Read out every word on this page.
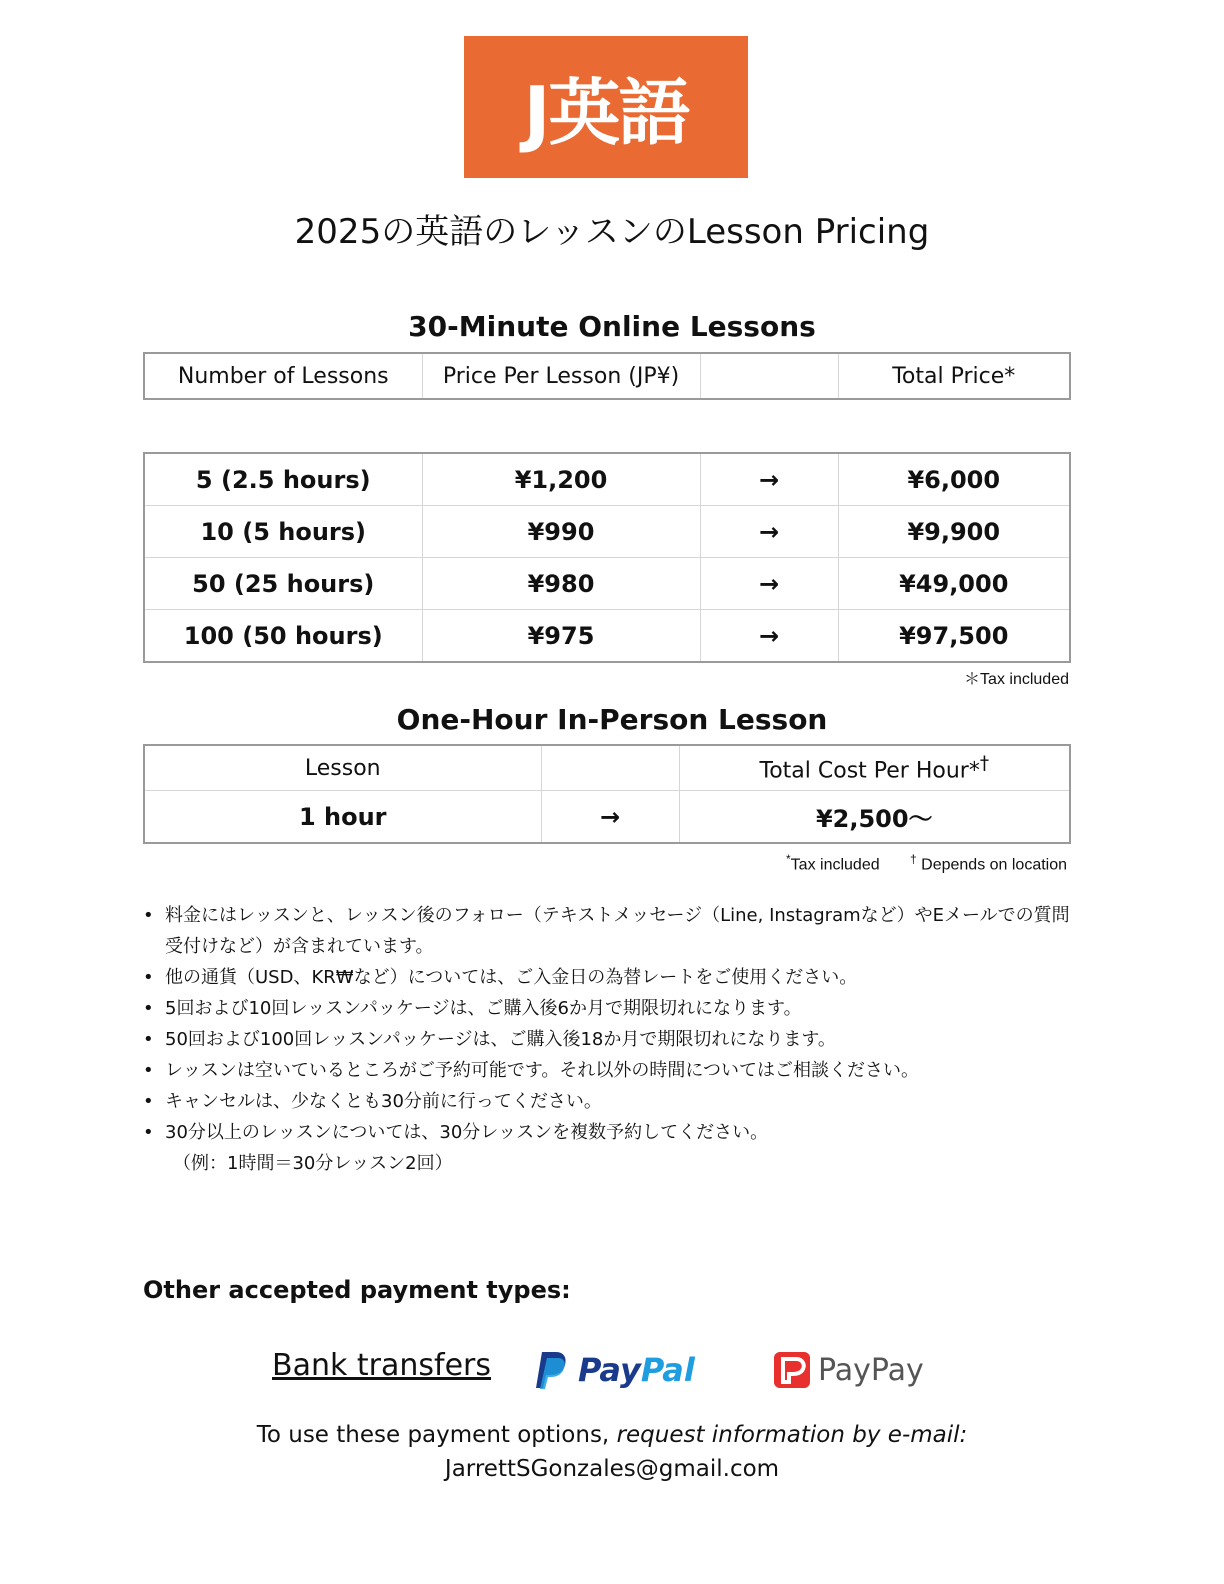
J英語
2025の英語のレッスンのLesson Pricing
30-Minute Online Lessons
Number of Lessons	Price Per Lesson (JP¥)		Total Price*
5 (2.5 hours)	¥1,200	→	¥6,000
10 (5 hours)	¥990	→	¥9,900
50 (25 hours)	¥980	→	¥49,000
100 (50 hours)	¥975	→	¥97,500
＊Tax included
One-Hour In-Person Lesson
Lesson		Total Cost Per Hour*†
1 hour	→	¥2,500〜
*Tax included	† Depends on location
• 料金にはレッスンと、レッスン後のフォロー（テキストメッセージ（Line, Instagramなど）やEメールでの質問受付けなど）が含まれています。
• 他の通貨（USD、KR₩など）については、ご入金日の為替レートをご使用ください。
• 5回および10回レッスンパッケージは、ご購入後6か月で期限切れになります。
• 50回および100回レッスンパッケージは、ご購入後18か月で期限切れになります。
• レッスンは空いているところがご予約可能です。それ以外の時間についてはご相談ください。
• キャンセルは、少なくとも30分前に行ってください。
• 30分以上のレッスンについては、30分レッスンを複数予約してください。
（例：1時間＝30分レッスン2回）
Other accepted payment types:
Bank transfers	PayPal	PayPay
To use these payment options, request information by e-mail:
JarrettSGonzales@gmail.com
